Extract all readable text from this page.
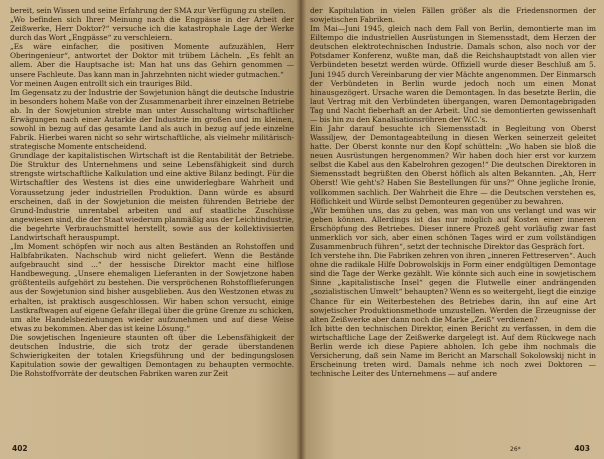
bereit, sein Wissen und seine Erfahrung der SMA zur Verfügung zu stellen.

„Wo befinden sich Ihrer Meinung nach die Engpässe in der Arbeit der Zeißwerke, Herr Doktor?“ versuche ich die katastrophale Lage der Werke durch das Wort „Engpässe“ zu verschleiern.

„Es wäre einfacher, die positiven Momente aufzuzählen, Herr Oberingenieur“, antwortet der Doktor mit trübem Lächeln. „Es fehlt an allem. Aber die Hauptsache ist: Man hat uns das Gehirn genommen — unsere Fachleute. Das kann man in Jahrzehnten nicht wieder gutmachen.“

Vor meinen Augen entrollt sich ein trauriges Bild.

Im Gegensatz zu der Industrie der Sowjetunion hängt die deutsche Industrie in besonders hohem Maße von der Zusammenarbeit ihrer einzelnen Betriebe ab. In der Sowjetunion strebte man unter Ausschaltung wirtschaftlicher Erwägungen nach einer Autarkie der Industrie im großen und im kleinen, sowohl in bezug auf das gesamte Land als auch in bezug auf jede einzelne Fabrik. Hierbei waren nicht so sehr wirtschaftliche, als vielmehr militärisch-strategische Momente entscheidend.

Grundlage der kapitalistischen Wirtschaft ist die Rentabilität der Betriebe. Die Struktur des Unternehmens und seine Lebensfähigkeit sind durch strengste wirtschaftliche Kalkulation und eine aktive Bilanz bedingt. Für die Wirtschaftler des Westens ist dies eine unwiderlegbare Wahrheit und Voraussetzung jeder industriellen Produktion. Dann würde es absurd erscheinen, daß in der Sowjetunion die meisten führenden Betriebe der Grund-Industrie unrentabel arbeiten und auf staatliche Zuschüsse angewiesen sind, die der Staat wiederum planmäßig aus der Leichtindustrie, die begehrte Verbrauchsmittel herstellt, sowie aus der kollektivisierten Landwirtschaft herauspumpt.

„Im Moment schöpfen wir noch aus alten Beständen an Rohstoffen und Halbfabrikaten. Nachschub wird nicht geliefert. Wenn die Bestände aufgebraucht sind ...“ der hessische Direktor macht eine hilflose Handbewegung. „Unsere ehemaligen Lieferanten in der Sowjetzone haben größtenteils aufgehört zu bestehen. Die verspröchenen Rohstofflieferungen aus der Sowjetunion sind bisher ausgeblieben. Aus den Westzonen etwas zu erhalten, ist praktisch ausgeschlossen. Wir haben schon versucht, einige Lastkraftwagen auf eigene Gefahr illegal über die grüne Grenze zu schicken, um alte Handelsbeziehungen wieder aufzunehmen und auf diese Weise etwas zu bekommen. Aber das ist keine Lösung.“

Die sowjetischen Ingenieure staunten oft über die Lebensfähigkeit der deutschen Industrie, die sich trotz der gerade überstandenen Schwierigkeiten der totalen Kriegsführung und der bedingungslosen Kapitulation sowie der gewaltigen Demontagen zu behaupten vermochte. Die Rohstoffvorräte der deutschen Fabriken waren zur Zeit

402

der Kapitulation in vielen Fällen größer als die Friedensnormen der sowjetischen Fabriken.

Im Mai—Juni 1945, gleich nach dem Fall von Berlin, demontierte man im Eiltempo die industriellen Ausrüstungen in Siemensstadt, dem Herzen der deutschen elektrotechnischen Industrie. Damals schon, also noch vor der Potsdamer Konferenz, wußte man, daß die Reichshauptstadt von allen vier Verbündeten besetzt werden würde. Offiziell wurde dieser Beschluß am 5. Juni 1945 durch Vereinbarung der vier Mächte angenommen. Der Einmarsch der Verbündeten in Berlin wurde jedoch noch um einen Monat hinausgezögert. Ursache waren die Demontagen. In das besetzte Berlin, die laut Vertrag mit den Verbündeten übergangen, waren Demontagebrigaden Tag und Nacht fieberhaft an der Arbeit. Und sie demontierten gewissenhaft — bis hin zu den Kanalisationsröhren der W.C.'s.

Ein Jahr darauf besuchte ich Siemensstadt in Begleitung von Oberst Wassiljew, der Demontageabteilung in diesen Werken seinerzeit geleitet hatte. Der Oberst konnte nur den Kopf schütteln: „Wo haben sie bloß die neuen Ausrüstungen hergenommen? Wir haben doch hier erst vor kurzem selbst die Kabel aus den Kabelrohren gezogen!“ Die deutschen Direktoren in Siemensstadt begrüßten den Oberst höflich als alten Bekannten. „Ah, Herr Oberst! Wie geht's? Haben Sie Bestellungen für uns?“ Ohne jegliche Ironie, vollkommen sachlich. Der Wahrheit die Ehre — die Deutschen verstehen es, Höflichkeit und Würde selbst Demonteuren gegenüber zu bewahren.

„Wir bemühen uns, das zu geben, was man von uns verlangt und was wir geben können. Allerdings ist das nur möglich auf Kosten einer inneren Erschöpfung des Betriebes. Dieser innere Prozeß geht vorläufig zwar fast unmerklich vor sich, aber einen schönen Tages wird er zum vollständigen Zusammenbruch führen“, setzt der technische Direktor das Gespräch fort.

Ich verstehe ihn. Die Fabriken zehren von ihren „inneren Fettreserven“. Auch ohne die radikale Hilfe Dobrowolskijs in Form einer endgültigen Demontage sind die Tage der Werke gezählt. Wie könnte sich auch eine in sowjetischem Sinne „kapitalistische Insel“ gegen die Flutwelle einer andrängenden „sozialistischen Umwelt“ behaupten? Wenn es so weitergeht, liegt die einzige Chance für ein Weiterbestehen des Betriebes darin, ihn auf eine Art sowjetischer Produktionsmethode umzustellen. Werden die Erzeugnisse der alten Zeißwerke aber dann noch die Marke „Zeiß“ verdienen?

Ich bitte den technischen Direktor, einen Bericht zu verfassen, in dem die wirtschaftliche Lage der Zeißwerke dargelegt ist. Auf dem Rückwege nach Berlin werde ich diese Papiere abholen. Ich gebe ihm nochmals die Versicherung, daß sein Name im Bericht an Marschall Sokolowskij nicht in Erscheinung treten wird. Damals nehme ich noch zwei Doktoren — technische Leiter des Unternehmens — auf andere

26*	403
